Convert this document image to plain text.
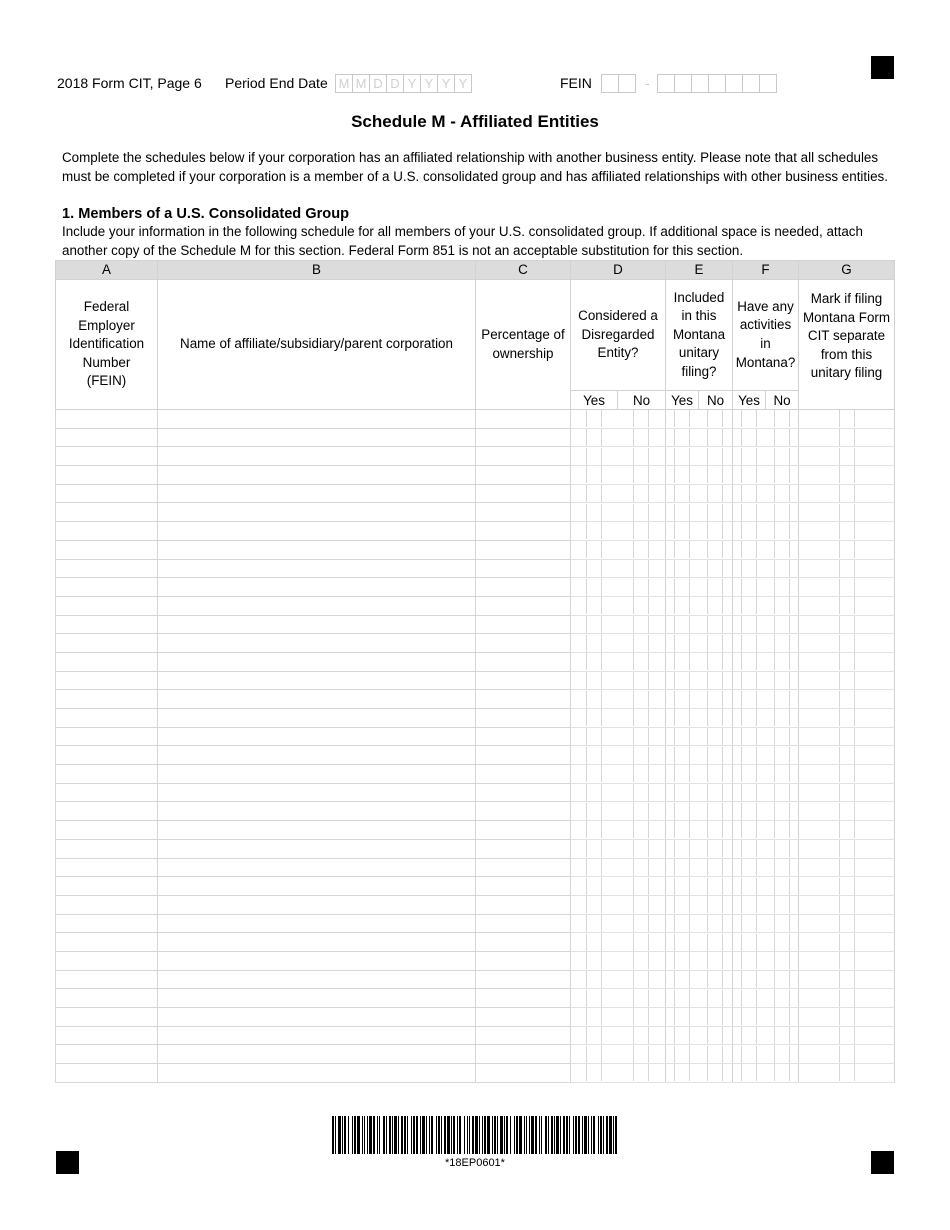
2018 Form CIT, Page 6 Period End Date M M D D Y Y Y Y	FEIN	-
Schedule M - Affiliated Entities
Complete the schedules below if your corporation has an affiliated relationship with another business entity. Please note that all schedules must be completed if your corporation is a member of a U.S. consolidated group and has affiliated relationships with other business entities.
1. Members of a U.S. Consolidated Group
Include your information in the following schedule for all members of your U.S. consolidated group. If additional space is needed, attach another copy of the Schedule M for this section. Federal Form 851 is not an acceptable substitution for this section.
A	B	C	D		E		F		G
Federal Employer Identification Number (FEIN)	Name of affiliate/subsidiary/parent corporation	Percentage of ownership	Considered a Disregarded Entity?		Included in this Montana unitary filing?		Have any activities in Montana?		Mark if filing Montana Form CIT separate from this unitary filing
			Yes	No	Yes	No	Yes	No	

*18EP0601*
